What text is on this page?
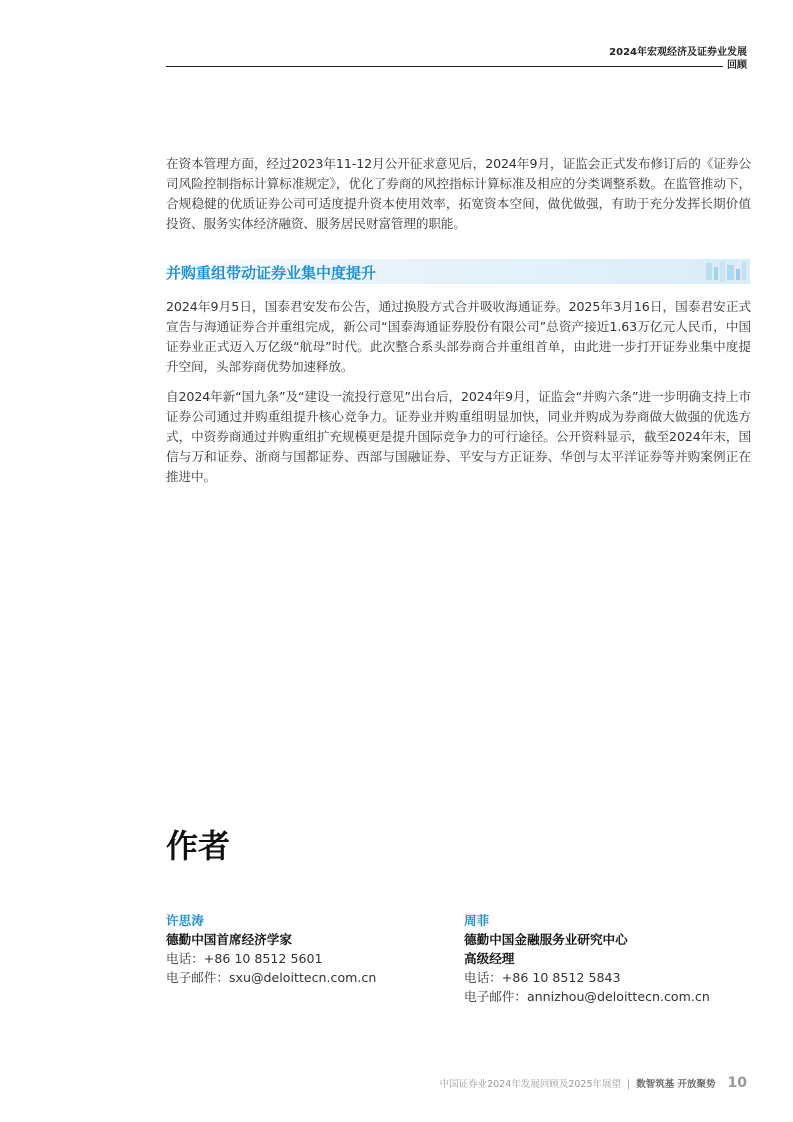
2024年宏观经济及证券业发展
回顾

在资本管理方面，经过2023年11-12月公开征求意见后，2024年9月，证监会正式发布修订后的《证券公司风险控制指标计算标准规定》，优化了券商的风控指标计算标准及相应的分类调整系数。在监管推动下，合规稳健的优质证券公司可适度提升资本使用效率，拓宽资本空间，做优做强，有助于充分发挥长期价值投资、服务实体经济融资、服务居民财富管理的职能。

并购重组带动证券业集中度提升

2024年9月5日，国泰君安发布公告，通过换股方式合并吸收海通证券。2025年3月16日，国泰君安正式宣告与海通证券合并重组完成，新公司“国泰海通证券股份有限公司”总资产接近1.63万亿元人民币，中国证券业正式迈入万亿级“航母”时代。此次整合系头部券商合并重组首单，由此进一步打开证券业集中度提升空间，头部券商优势加速释放。

自2024年新“国九条”及“建设一流投行意见”出台后，2024年9月，证监会“并购六条”进一步明确支持上市证券公司通过并购重组提升核心竞争力。证券业并购重组明显加快，同业并购成为券商做大做强的优选方式，中资券商通过并购重组扩充规模更是提升国际竞争力的可行途径。公开资料显示，截至2024年末，国信与万和证券、浙商与国都证券、西部与国融证券、平安与方正证券、华创与太平洋证券等并购案例正在推进中。

作者
许思涛
德勤中国首席经济学家
电话：+86 10 8512 5601
电子邮件：sxu@deloittecn.com.cn
周菲
德勤中国金融服务业研究中心
高级经理
电话：+86 10 8512 5843
电子邮件：annizhou@deloittecn.com.cn
中国证券业2024年发展回顾及2025年展望 | 数智筑基 开放聚势 10
